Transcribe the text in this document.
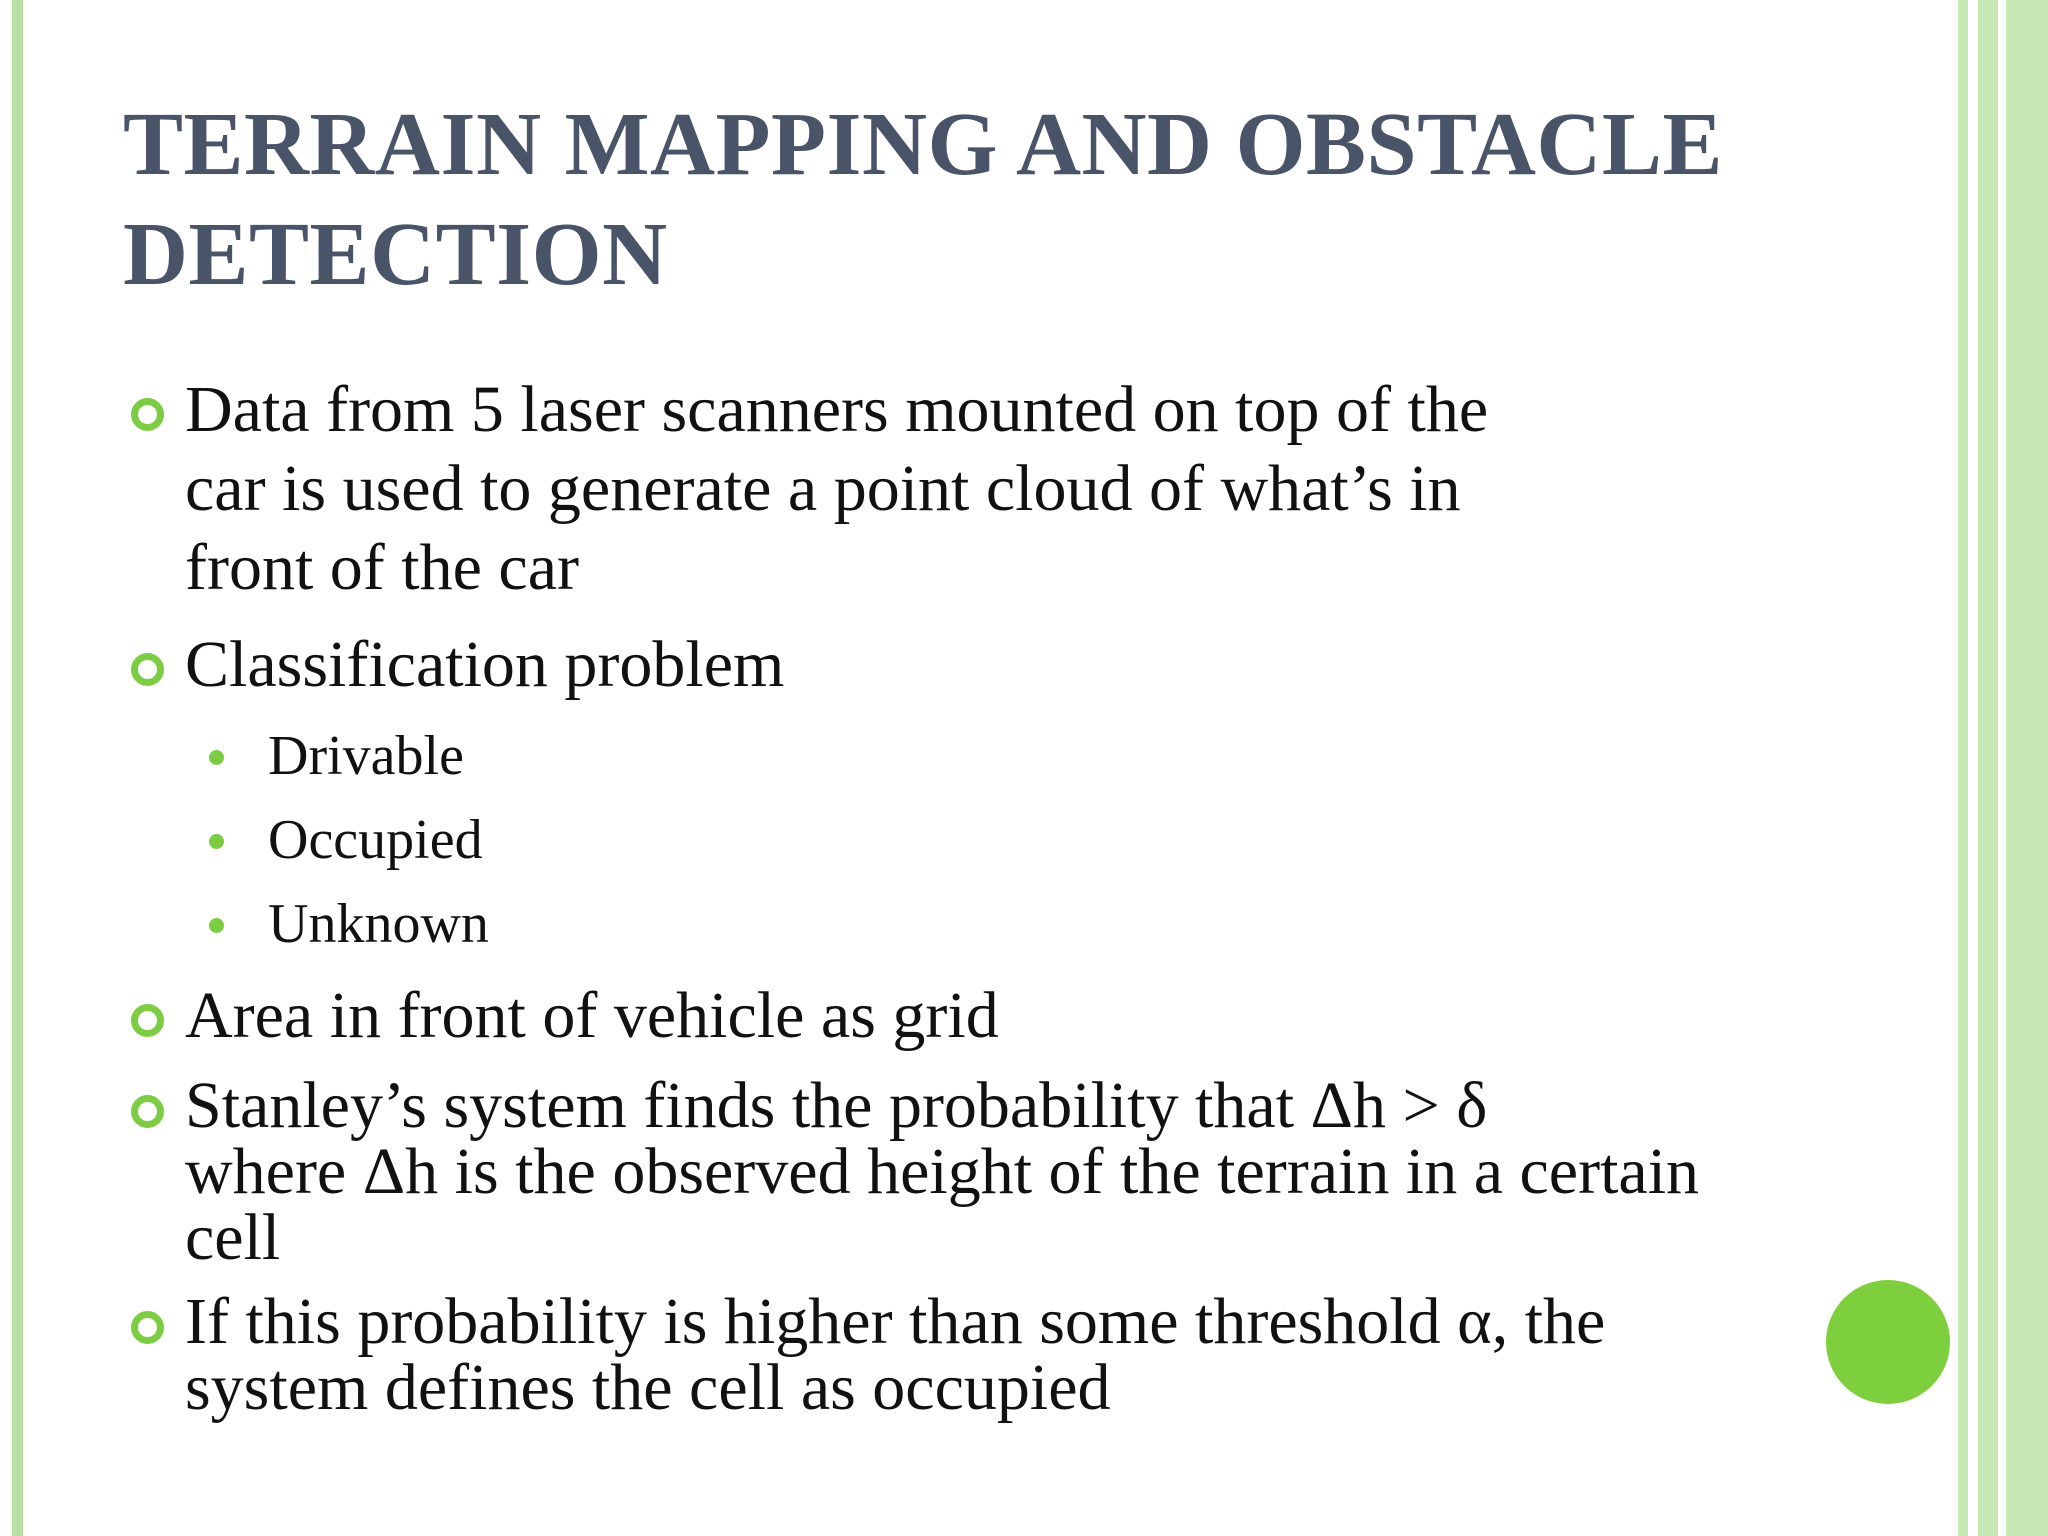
TERRAIN MAPPING AND OBSTACLE
DETECTION
Data from 5 laser scanners mounted on top of the
car is used to generate a point cloud of what’s in
front of the car
Classification problem
Drivable
Occupied
Unknown
Area in front of vehicle as grid
Stanley’s system finds the probability that Δh > δ
where Δh is the observed height of the terrain in a certain
cell
If this probability is higher than some threshold α, the
system defines the cell as occupied
